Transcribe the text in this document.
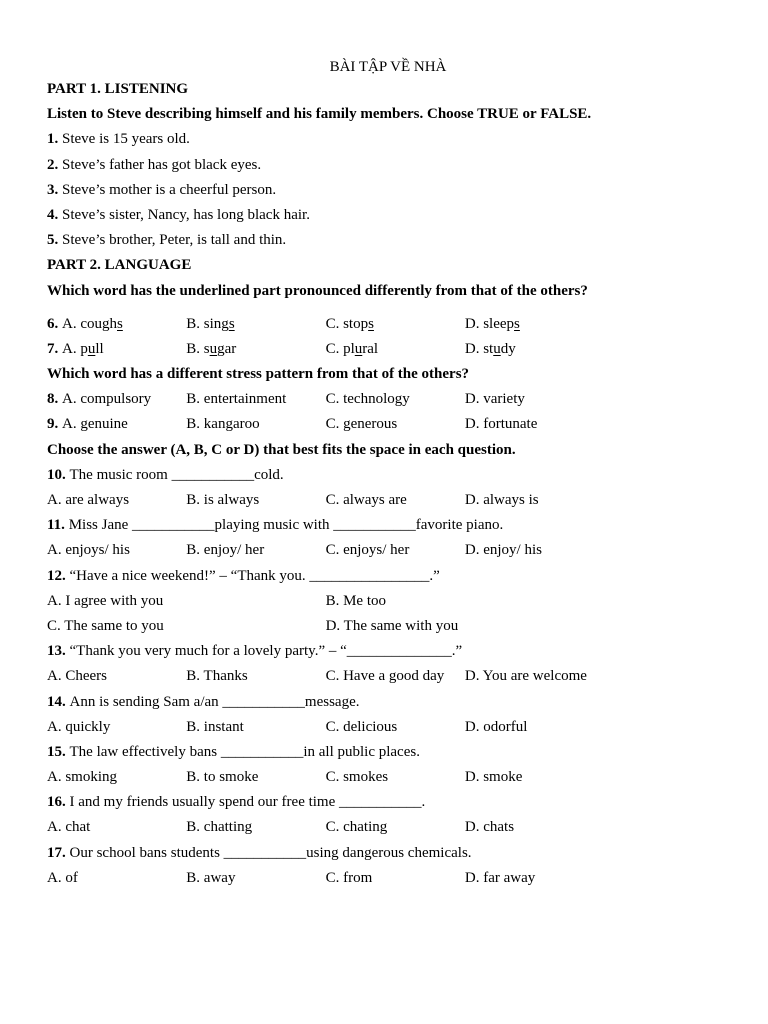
BÀI TẬP VỀ NHÀ
PART 1. LISTENING
Listen to Steve describing himself and his family members. Choose TRUE or FALSE.
1. Steve is 15 years old.
2. Steve’s father has got black eyes.
3. Steve’s mother is a cheerful person.
4. Steve’s sister, Nancy, has long black hair.
5. Steve’s brother, Peter, is tall and thin.
PART 2. LANGUAGE
Which word has the underlined part pronounced differently from that of the others?
6. A. coughs	B. sings	C. stops	D. sleeps
7. A. pull	B. sugar	C. plural	D. study
Which word has a different stress pattern from that of the others?
8. A. compulsory	B. entertainment	C. technology	D. variety
9. A. genuine	B. kangaroo	C. generous	D. fortunate
Choose the answer (A, B, C or D) that best fits the space in each question.
10. The music room ___________cold.
A. are always	B. is always	C. always are	D. always is
11. Miss Jane ___________playing music with ___________favorite piano.
A. enjoys/ his	B. enjoy/ her	C. enjoys/ her	D. enjoy/ his
12. “Have a nice weekend!” – “Thank you. ________________.”
A. I agree with you	B. Me too
C. The same to you	D. The same with you
13. “Thank you very much for a lovely party.” – “______________.”
A. Cheers	B. Thanks	C. Have a good day	D. You are welcome
14. Ann is sending Sam a/an ___________message.
A. quickly	B. instant	C. delicious	D. odorful
15. The law effectively bans ___________in all public places.
A. smoking	B. to smoke	C. smokes	D. smoke
16. I and my friends usually spend our free time ___________.
A. chat	B. chatting	C. chating	D. chats
17. Our school bans students ___________using dangerous chemicals.
A. of	B. away	C. from	D. far away
